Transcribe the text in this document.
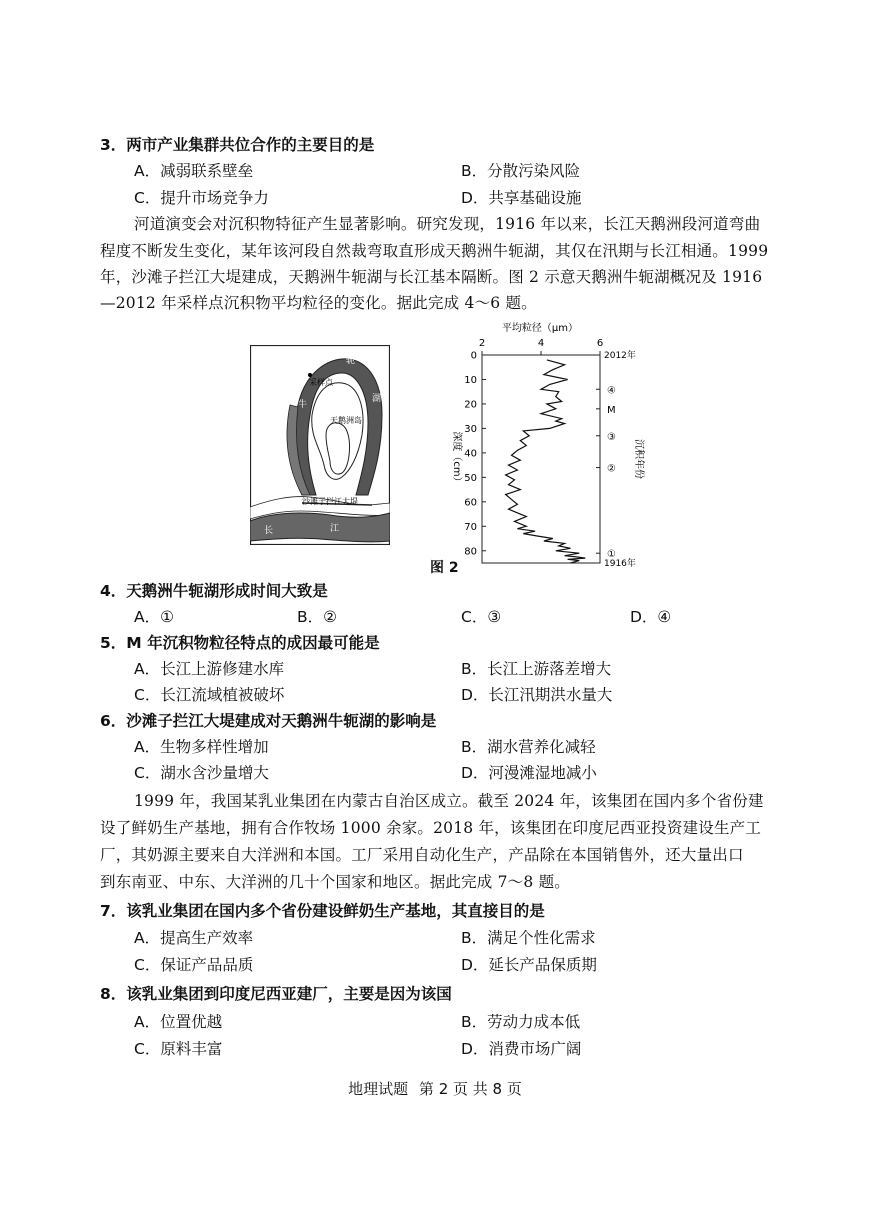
3．两市产业集群共位合作的主要目的是
A．减弱联系壁垒	B．分散污染风险
C．提升市场竞争力	D．共享基础设施
河道演变会对沉积物特征产生显著影响。研究发现，1916 年以来，长江天鹅洲段河道弯曲
程度不断发生变化，某年该河段自然裁弯取直形成天鹅洲牛轭湖，其仅在汛期与长江相通。1999
年，沙滩子拦江大堤建成，天鹅洲牛轭湖与长江基本隔断。图 2 示意天鹅洲牛轭湖概况及 1916
—2012 年采样点沉积物平均粒径的变化。据此完成 4～6 题。
采样点
轭
牛
湖
天鹅洲岛
沙滩子拦江大堤
长	江
图 2
平均粒径（μm）
2	4	6
0
10
20
30
40
50
60
70
80
深度（cm）	沉积年份
2012年
1916年
④
M
③
②
①
4．天鹅洲牛轭湖形成时间大致是
A．①	B．②	C．③	D．④
5．M 年沉积物粒径特点的成因最可能是
A．长江上游修建水库	B．长江上游落差增大
C．长江流域植被破坏	D．长江汛期洪水量大
6．沙滩子拦江大堤建成对天鹅洲牛轭湖的影响是
A．生物多样性增加	B．湖水营养化减轻
C．湖水含沙量增大	D．河漫滩湿地减小
1999 年，我国某乳业集团在内蒙古自治区成立。截至 2024 年，该集团在国内多个省份建
设了鲜奶生产基地，拥有合作牧场 1000 余家。2018 年，该集团在印度尼西亚投资建设生产工
厂，其奶源主要来自大洋洲和本国。工厂采用自动化生产，产品除在本国销售外，还大量出口
到东南亚、中东、大洋洲的几十个国家和地区。据此完成 7～8 题。
7．该乳业集团在国内多个省份建设鲜奶生产基地，其直接目的是
A．提高生产效率	B．满足个性化需求
C．保证产品品质	D．延长产品保质期
8．该乳业集团到印度尼西亚建厂，主要是因为该国
A．位置优越	B．劳动力成本低
C．原料丰富	D．消费市场广阔
地理试题 第 2 页 共 8 页
